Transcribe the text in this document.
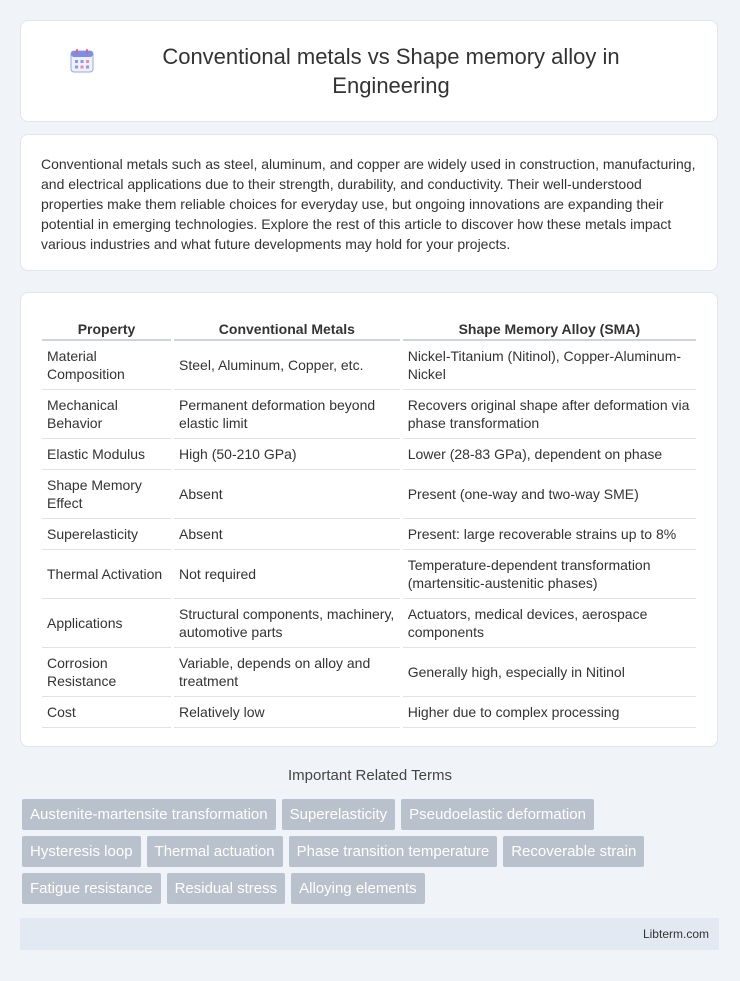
Conventional metals vs Shape memory alloy in Engineering

Conventional metals such as steel, aluminum, and copper are widely used in construction, manufacturing, and electrical applications due to their strength, durability, and conductivity. Their well-understood properties make them reliable choices for everyday use, but ongoing innovations are expanding their potential in emerging technologies. Explore the rest of this article to discover how these metals impact various industries and what future developments may hold for your projects.

Property	Conventional Metals	Shape Memory Alloy (SMA)
Material Composition	Steel, Aluminum, Copper, etc.	Nickel-Titanium (Nitinol), Copper-Aluminum-Nickel
Mechanical Behavior	Permanent deformation beyond elastic limit	Recovers original shape after deformation via phase transformation
Elastic Modulus	High (50-210 GPa)	Lower (28-83 GPa), dependent on phase
Shape Memory Effect	Absent	Present (one-way and two-way SME)
Superelasticity	Absent	Present: large recoverable strains up to 8%
Thermal Activation	Not required	Temperature-dependent transformation (martensitic-austenitic phases)
Applications	Structural components, machinery, automotive parts	Actuators, medical devices, aerospace components
Corrosion Resistance	Variable, depends on alloy and treatment	Generally high, especially in Nitinol
Cost	Relatively low	Higher due to complex processing
Important Related Terms
Austenite-martensite transformation	Superelasticity	Pseudoelastic deformation
Hysteresis loop	Thermal actuation	Phase transition temperature	Recoverable strain
Fatigue resistance	Residual stress	Alloying elements
Libterm.com
